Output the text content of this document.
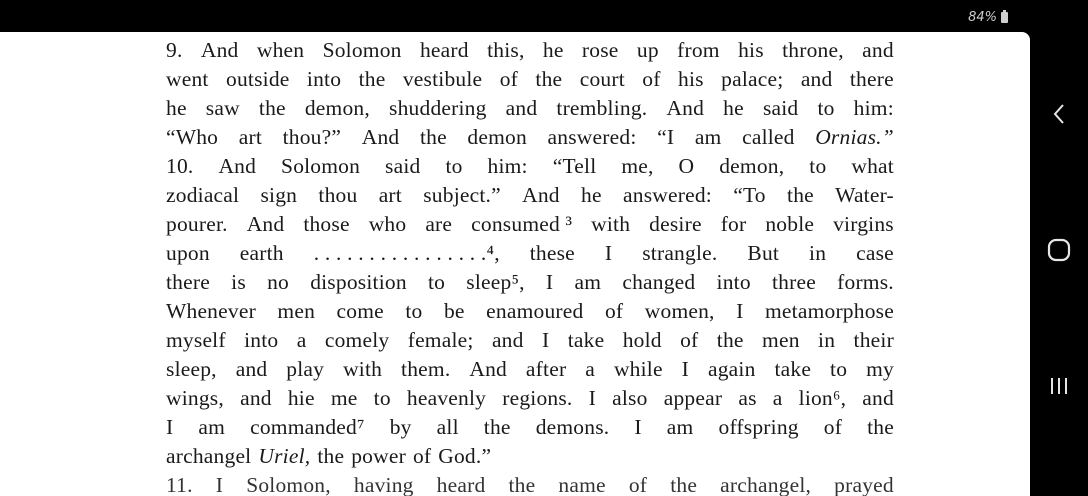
84%
9. And when Solomon heard this, he rose up from his throne, and
went outside into the vestibule of the court of his palace; and there
he saw the demon, shuddering and trembling. And he said to him:
“Who art thou?” And the demon answered: “I am called Ornias.”
10. And Solomon said to him: “Tell me, O demon, to what
zodiacal sign thou art subject.” And he answered: “To the Water-
pourer. And those who are consumed ³ with desire for noble virgins
upon earth . . . . . . . . . . . . . . . .⁴, these I strangle. But in case
there is no disposition to sleep⁵, I am changed into three forms.
Whenever men come to be enamoured of women, I metamorphose
myself into a comely female; and I take hold of the men in their
sleep, and play with them. And after a while I again take to my
wings, and hie me to heavenly regions. I also appear as a lion⁶, and
I am commanded⁷ by all the demons. I am offspring of the
archangel Uriel, the power of God.”
11. I Solomon, having heard the name of the archangel, prayed
